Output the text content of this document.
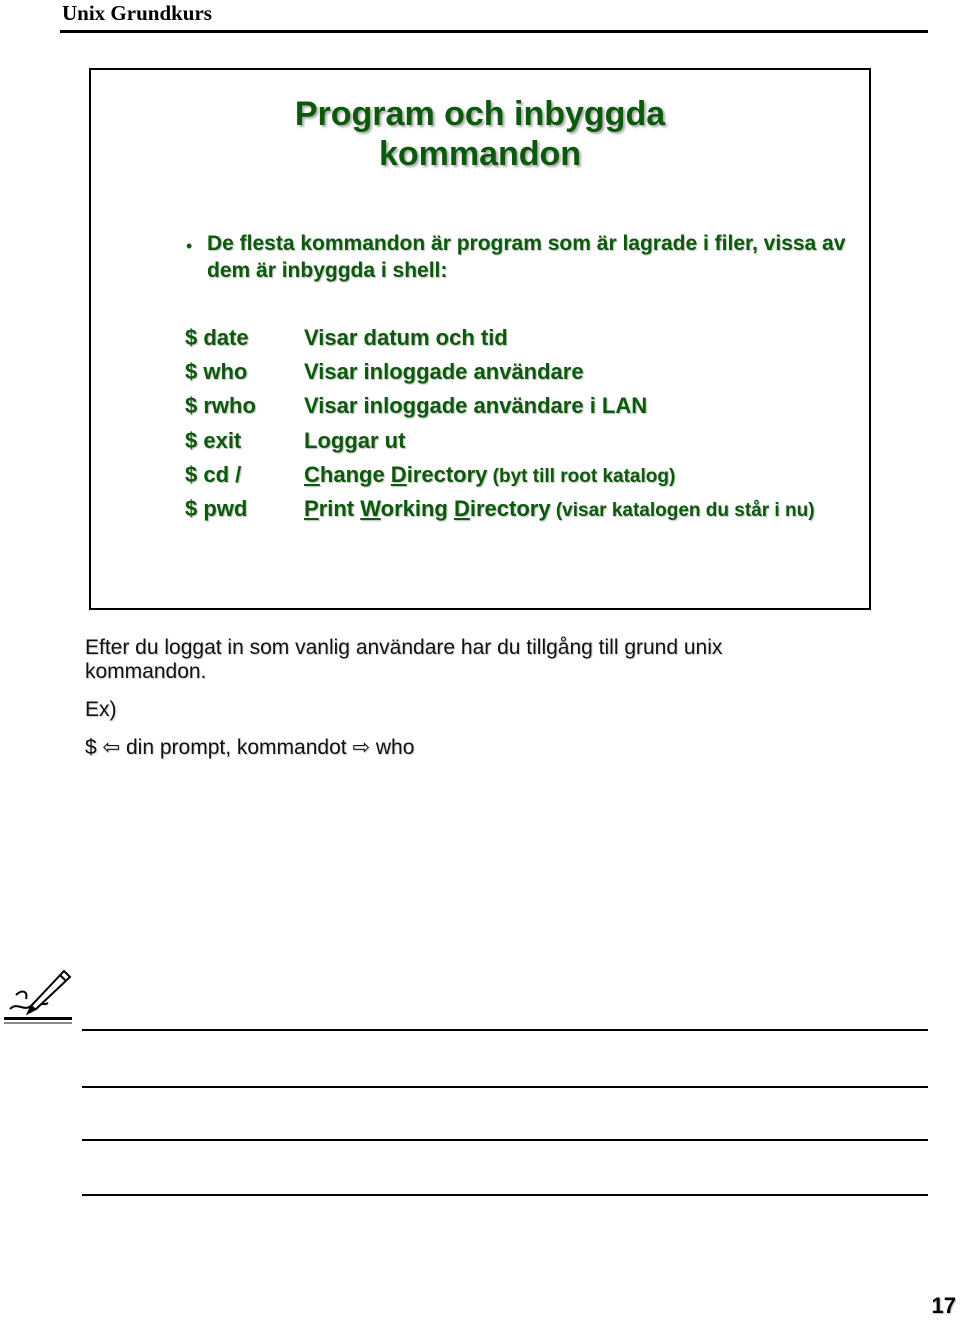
Unix Grundkurs
Program och inbyggda
kommandon
• De flesta kommandon är program som är lagrade i filer, vissa av dem är inbyggda i shell:
$ date	Visar datum och tid
$ who	Visar inloggade användare
$ rwho Visar inloggade användare i LAN
$ exit	Loggar ut
$ cd /	Change Directory (byt till root katalog)
$ pwd	Print Working Directory (visar katalogen du står i nu)
Efter du loggat in som vanlig användare har du tillgång till grund unix kommandon.
Ex)
$ ⇦ din prompt, kommandot ⇨ who
17
